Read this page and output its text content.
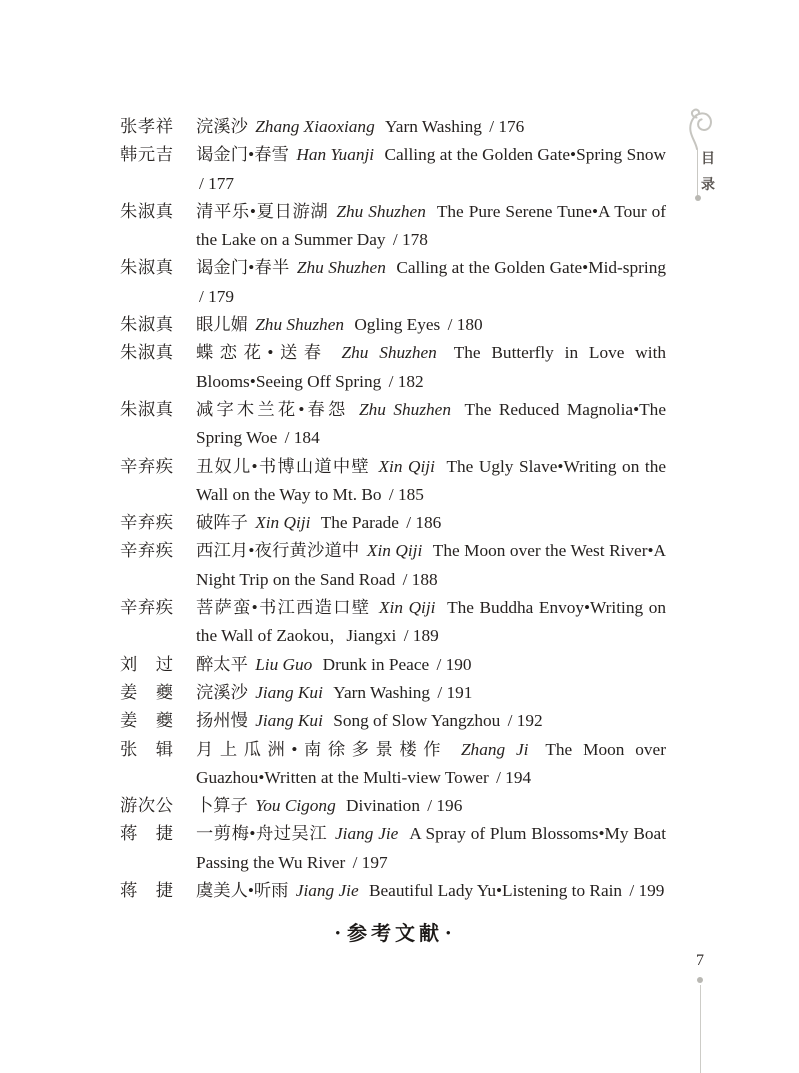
张孝祥 浣溪沙 Zhang Xiaoxiang Yarn Washing / 176
韩元吉 谒金门•春雪 Han Yuanji Calling at the Golden Gate•Spring Snow / 177
朱淑真 清平乐•夏日游湖 Zhu Shuzhen The Pure Serene Tune•A Tour of the Lake on a Summer Day / 178
朱淑真 谒金门•春半 Zhu Shuzhen Calling at the Golden Gate•Mid-spring / 179
朱淑真 眼儿媚 Zhu Shuzhen Ogling Eyes / 180
朱淑真 蝶恋花•送春 Zhu Shuzhen The Butterfly in Love with Blooms•Seeing Off Spring / 182
朱淑真 减字木兰花•春怨 Zhu Shuzhen The Reduced Magnolia•The Spring Woe / 184
辛弃疾 丑奴儿•书博山道中壁 Xin Qiji The Ugly Slave•Writing on the Wall on the Way to Mt. Bo / 185
辛弃疾 破阵子 Xin Qiji The Parade / 186
辛弃疾 西江月•夜行黄沙道中 Xin Qiji The Moon over the West River•A Night Trip on the Sand Road / 188
辛弃疾 菩萨蛮•书江西造口壁 Xin Qiji The Buddha Envoy•Writing on the Wall of Zaokou，Jiangxi / 189
刘过 醉太平 Liu Guo Drunk in Peace / 190
姜夔 浣溪沙 Jiang Kui Yarn Washing / 191
姜夔 扬州慢 Jiang Kui Song of Slow Yangzhou / 192
张辑 月上瓜洲•南徐多景楼作 Zhang Ji The Moon over Guazhou•Written at the Multi-view Tower / 194
游次公 卜算子 You Cigong Divination / 196
蒋捷 一剪梅•舟过吴江 Jiang Jie A Spray of Plum Blossoms•My Boat Passing the Wu River / 197
蒋捷 虞美人•听雨 Jiang Jie Beautiful Lady Yu•Listening to Rain / 199
• 参考文献 •
目
录
7
